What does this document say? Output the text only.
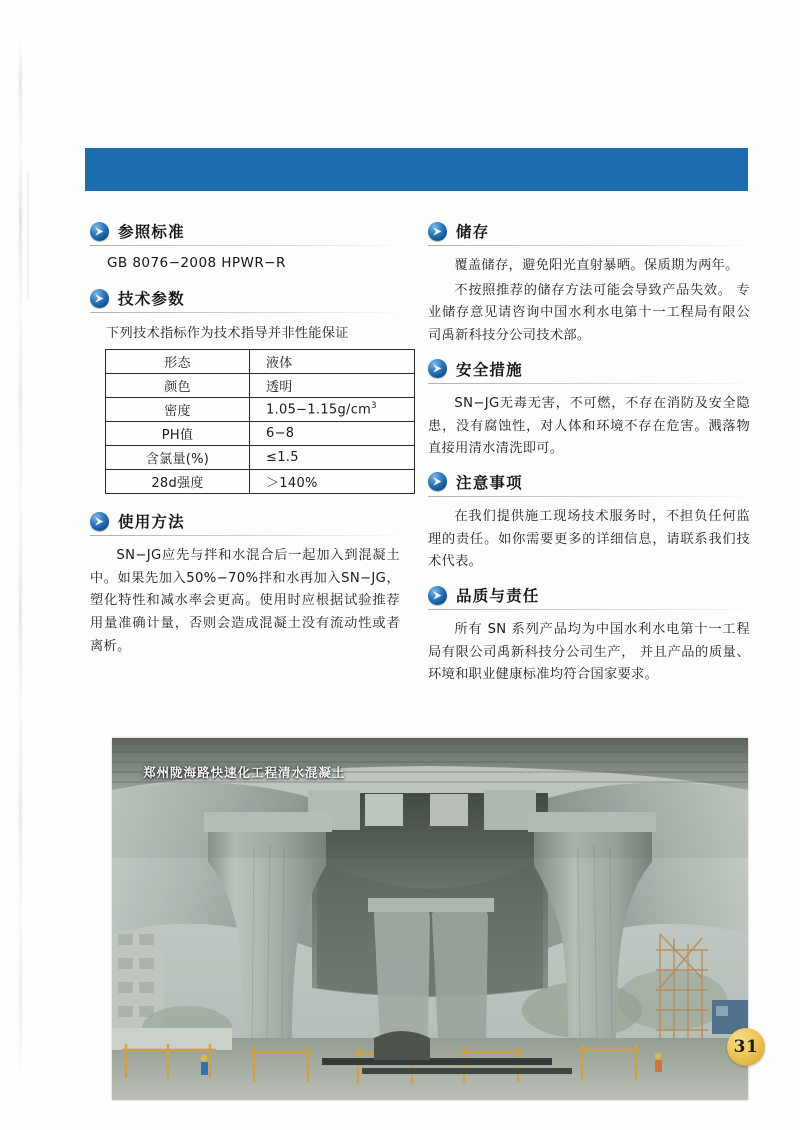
参照标准
GB 8076−2008 HPWR−R
技术参数
下列技术指标作为技术指导并非性能保证
形态	液体
颜色	透明
密度	$1.05-1.15g/cm^3$
PH值	6−8
含氯量(%)	≤1.5
28d强度	＞140%
使用方法

SN−JG应先与拌和水混合后一起加入到混凝土中。如果先加入50%−70%拌和水再加入SN−JG，塑化特性和减水率会更高。使用时应根据试验推荐用量准确计量，否则会造成混凝土没有流动性或者离析。

储存

覆盖储存，避免阳光直射暴晒。保质期为两年。

不按照推荐的储存方法可能会导致产品失效。 专业储存意见请咨询中国水利水电第十一工程局有限公司禹新科技分公司技术部。

安全措施

SN−JG无毒无害，不可燃，不存在消防及安全隐患，没有腐蚀性，对人体和环境不存在危害。溅落物直接用清水清洗即可。

注意事项

在我们提供施工现场技术服务时，不担负任何监理的责任。如你需要更多的详细信息，请联系我们技术代表。

品质与责任

所有 SN 系列产品均为中国水利水电第十一工程局有限公司禹新科技分公司生产， 并且产品的质量、 环境和职业健康标准均符合国家要求。

郑州陇海路快速化工程清水混凝土
31
